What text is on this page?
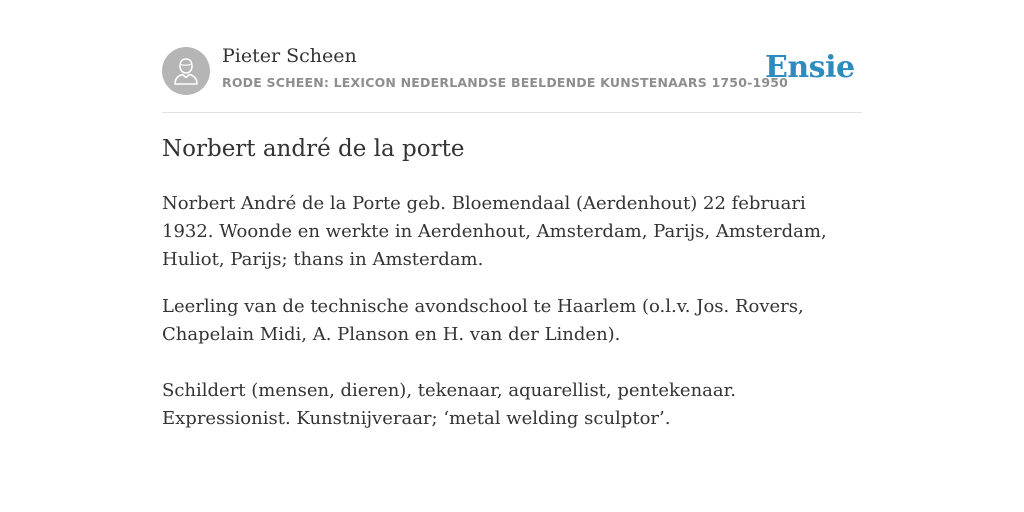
Pieter Scheen
RODE SCHEEN: LEXICON NEDERLANDSE BEELDENDE KUNSTENAARS 1750-1950
Ensie
Norbert andré de la porte
Norbert André de la Porte geb. Bloemendaal (Aerdenhout) 22 februari 1932. Woonde en werkte in Aerdenhout, Amsterdam, Parijs, Amsterdam, Huliot, Parijs; thans in Amsterdam.
Leerling van de technische avondschool te Haarlem (o.l.v. Jos. Rovers, Chapelain Midi, A. Planson en H. van der Linden).
Schildert (mensen, dieren), tekenaar, aquarellist, pentekenaar. Expressionist. Kunstnijveraar; ‘metal welding sculptor’.
